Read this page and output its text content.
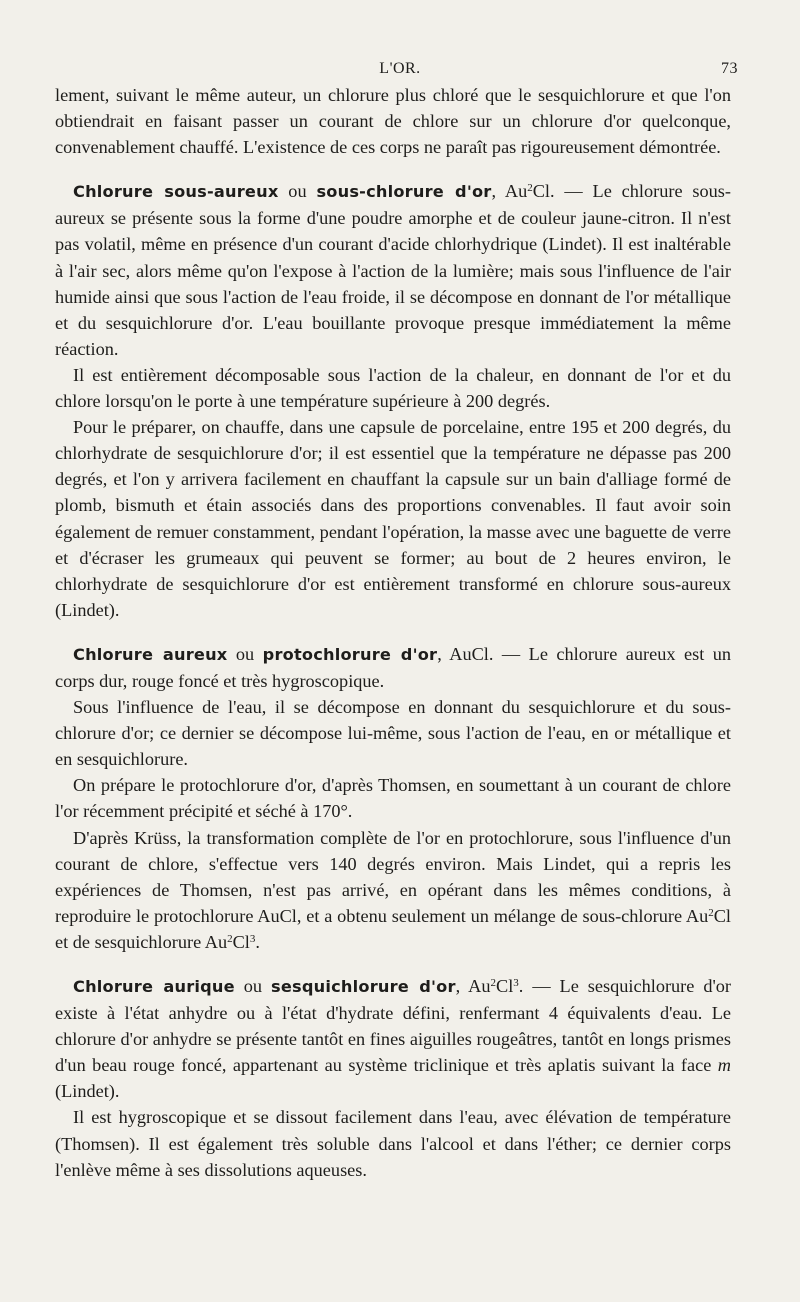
L'OR.	73

lement, suivant le même auteur, un chlorure plus chloré que le sesquichlorure et que l'on obtiendrait en faisant passer un courant de chlore sur un chlorure d'or quelconque, convenablement chauffé. L'existence de ces corps ne paraît pas rigoureusement démontrée.

Chlorure sous-aureux ou sous-chlorure d'or, Au$^2$Cl. — Le chlorure sous-aureux se présente sous la forme d'une poudre amorphe et de couleur jaune-citron. Il n'est pas volatil, même en présence d'un courant d'acide chlorhydrique (Lindet). Il est inaltérable à l'air sec, alors même qu'on l'expose à l'action de la lumière; mais sous l'influence de l'air humide ainsi que sous l'action de l'eau froide, il se décompose en donnant de l'or métallique et du sesquichlorure d'or. L'eau bouillante provoque presque immédiatement la même réaction.

Il est entièrement décomposable sous l'action de la chaleur, en donnant de l'or et du chlore lorsqu'on le porte à une température supérieure à 200 degrés.

Pour le préparer, on chauffe, dans une capsule de porcelaine, entre 195 et 200 degrés, du chlorhydrate de sesquichlorure d'or; il est essentiel que la température ne dépasse pas 200 degrés, et l'on y arrivera facilement en chauffant la capsule sur un bain d'alliage formé de plomb, bismuth et étain associés dans des proportions convenables. Il faut avoir soin également de remuer constamment, pendant l'opération, la masse avec une baguette de verre et d'écraser les grumeaux qui peuvent se former; au bout de 2 heures environ, le chlorhydrate de sesquichlorure d'or est entièrement transformé en chlorure sous-aureux (Lindet).

Chlorure aureux ou protochlorure d'or, AuCl. — Le chlorure aureux est un corps dur, rouge foncé et très hygroscopique.

Sous l'influence de l'eau, il se décompose en donnant du sesquichlorure et du sous-chlorure d'or; ce dernier se décompose lui-même, sous l'action de l'eau, en or métallique et en sesquichlorure.

On prépare le protochlorure d'or, d'après Thomsen, en soumettant à un courant de chlore l'or récemment précipité et séché à 170°.

D'après Krüss, la transformation complète de l'or en protochlorure, sous l'influence d'un courant de chlore, s'effectue vers 140 degrés environ. Mais Lindet, qui a repris les expériences de Thomsen, n'est pas arrivé, en opérant dans les mêmes conditions, à reproduire le protochlorure AuCl, et a obtenu seulement un mélange de sous-chlorure Au$^2$Cl et de sesquichlorure Au$^2$Cl$^3$.

Chlorure aurique ou sesquichlorure d'or, Au$^2$Cl$^3$. — Le sesquichlorure d'or existe à l'état anhydre ou à l'état d'hydrate défini, renfermant 4 équivalents d'eau. Le chlorure d'or anhydre se présente tantôt en fines aiguilles rougeâtres, tantôt en longs prismes d'un beau rouge foncé, appartenant au système triclinique et très aplatis suivant la face m (Lindet).

Il est hygroscopique et se dissout facilement dans l'eau, avec élévation de température (Thomsen). Il est également très soluble dans l'alcool et dans l'éther; ce dernier corps l'enlève même à ses dissolutions aqueuses.
